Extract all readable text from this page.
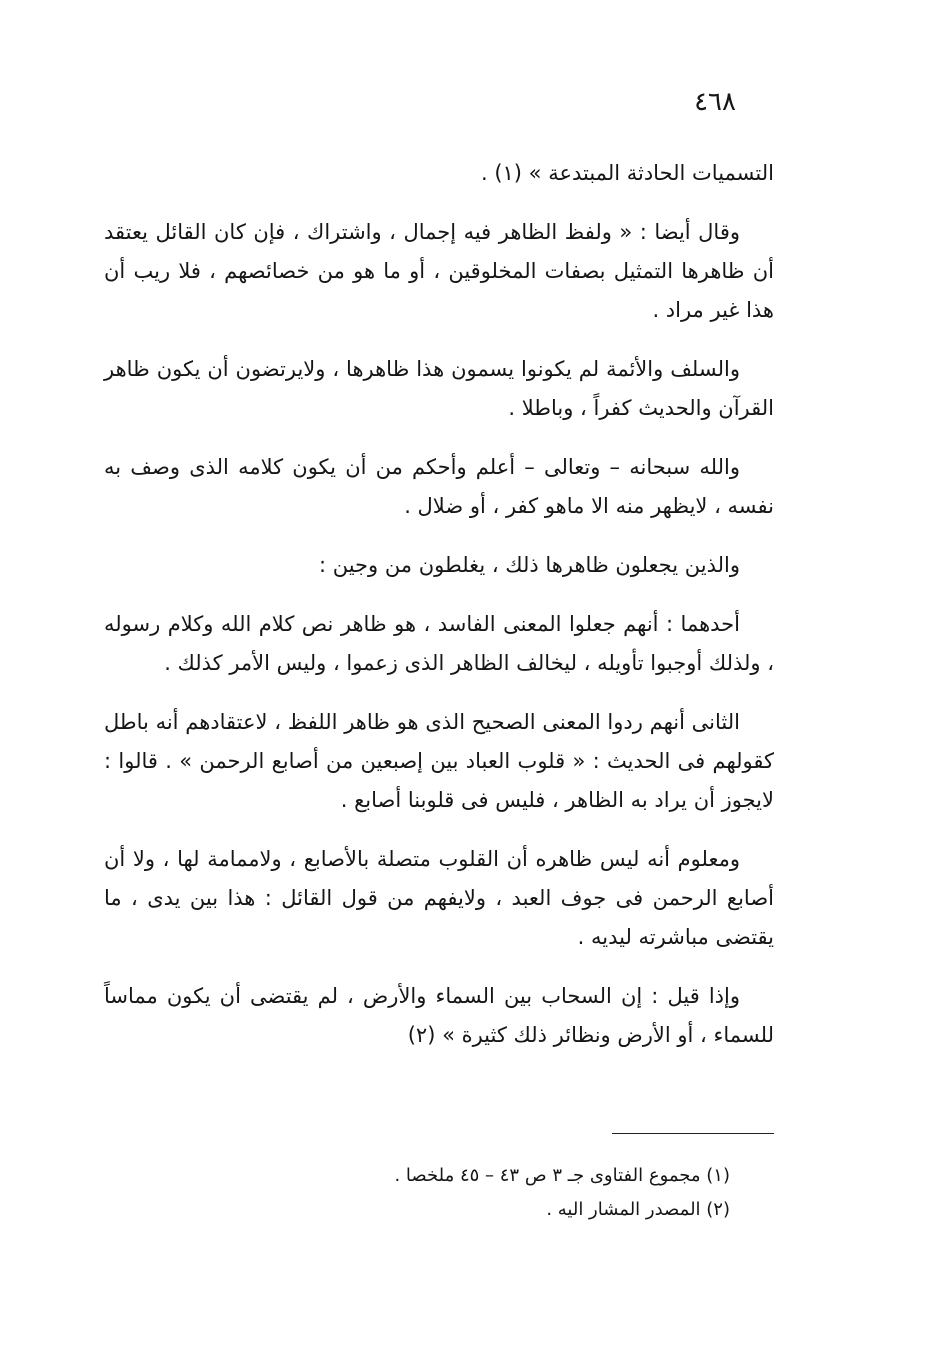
٤٦٨

التسميات الحادثة المبتدعة » (١) .

وقال أيضا : « ولفظ الظاهر فيه إجمال ، واشتراك ، فإن كان القائل يعتقد أن ظاهرها التمثيل بصفات المخلوقين ، أو ما هو من خصائصهم ، فلا ريب أن هذا غير مراد .

والسلف والأئمة لم يكونوا يسمون هذا ظاهرها ، ولايرتضون أن يكون ظاهر القرآن والحديث كفراً ، وباطلا .

والله سبحانه – وتعالى – أعلم وأحكم من أن يكون كلامه الذى وصف به نفسه ، لايظهر منه الا ماهو كفر ، أو ضلال .

والذين يجعلون ظاهرها ذلك ، يغلطون من وجين :

أحدهما : أنهم جعلوا المعنى الفاسد ، هو ظاهر نص كلام الله وكلام رسوله ، ولذلك أوجبوا تأويله ، ليخالف الظاهر الذى زعموا ، وليس الأمر كذلك .

الثانى أنهم ردوا المعنى الصحيح الذى هو ظاهر اللفظ ، لاعتقادهم أنه باطل كقولهم فى الحديث : « قلوب العباد بين إصبعين من أصابع الرحمن » . قالوا : لايجوز أن يراد به الظاهر ، فليس فى قلوبنا أصابع .

ومعلوم أنه ليس ظاهره أن القلوب متصلة بالأصابع ، ولاممامة لها ، ولا أن أصابع الرحمن فى جوف العبد ، ولايفهم من قول القائل : هذا بين يدى ، ما يقتضى مباشرته ليديه .

وإذا قيل : إن السحاب بين السماء والأرض ، لم يقتضى أن يكون مماساً للسماء ، أو الأرض ونظائر ذلك كثيرة » (٢)

(١) مجموع الفتاوى جـ ٣ ص ٤٣ – ٤٥ ملخصا .

(٢) المصدر المشار اليه .
